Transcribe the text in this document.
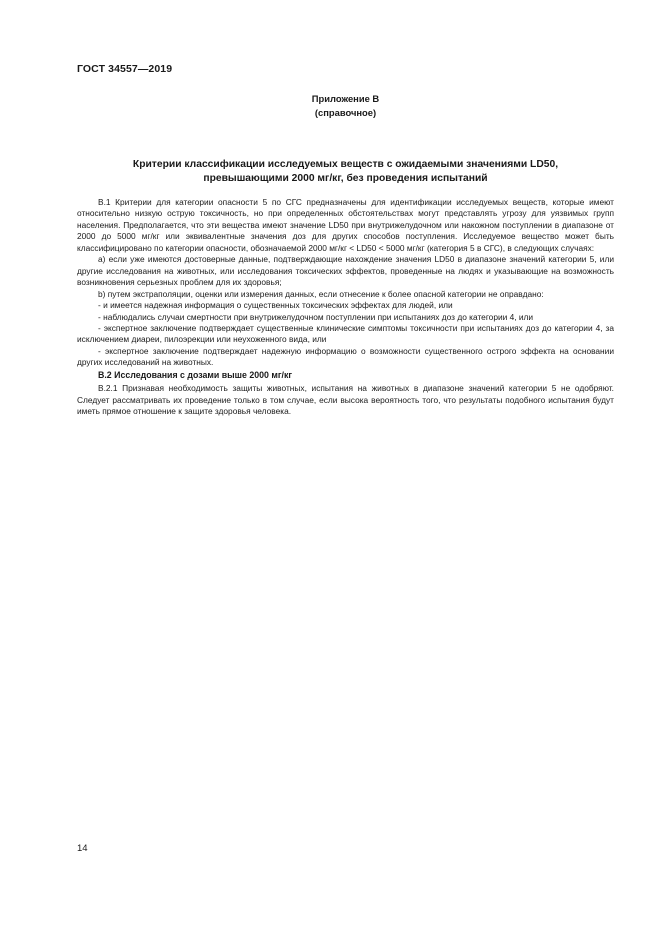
ГОСТ 34557—2019
Приложение В
(справочное)
Критерии классификации исследуемых веществ с ожидаемыми значениями LD50,
превышающими 2000 мг/кг, без проведения испытаний

В.1 Критерии для категории опасности 5 по СГС предназначены для идентификации исследуемых веществ, которые имеют относительно низкую острую токсичность, но при определенных обстоятельствах могут представлять угрозу для уязвимых групп населения. Предполагается, что эти вещества имеют значение LD50 при внутрижелудочном или накожном поступлении в диапазоне от 2000 до 5000 мг/кг или эквивалентные значения доз для других способов поступления. Исследуемое вещество может быть классифицировано по категории опасности, обозначаемой 2000 мг/кг < LD50 < 5000 мг/кг (категория 5 в СГС), в следующих случаях:

а) если уже имеются достоверные данные, подтверждающие нахождение значения LD50 в диапазоне значений категории 5, или другие исследования на животных, или исследования токсических эффектов, проведенные на людях и указывающие на возможность возникновения серьезных проблем для их здоровья;

b) путем экстраполяции, оценки или измерения данных, если отнесение к более опасной категории не оправдано:

- и имеется надежная информация о существенных токсических эффектах для людей, или

- наблюдались случаи смертности при внутрижелудочном поступлении при испытаниях доз до категории 4, или

- экспертное заключение подтверждает существенные клинические симптомы токсичности при испытаниях доз до категории 4, за исключением диареи, пилоэрекции или неухоженного вида, или

- экспертное заключение подтверждает надежную информацию о возможности существенного острого эффекта на основании других исследований на животных.

В.2 Исследования с дозами выше 2000 мг/кг

В.2.1 Признавая необходимость защиты животных, испытания на животных в диапазоне значений категории 5 не одобряют. Следует рассматривать их проведение только в том случае, если высока вероятность того, что результаты подобного испытания будут иметь прямое отношение к защите здоровья человека.

14
